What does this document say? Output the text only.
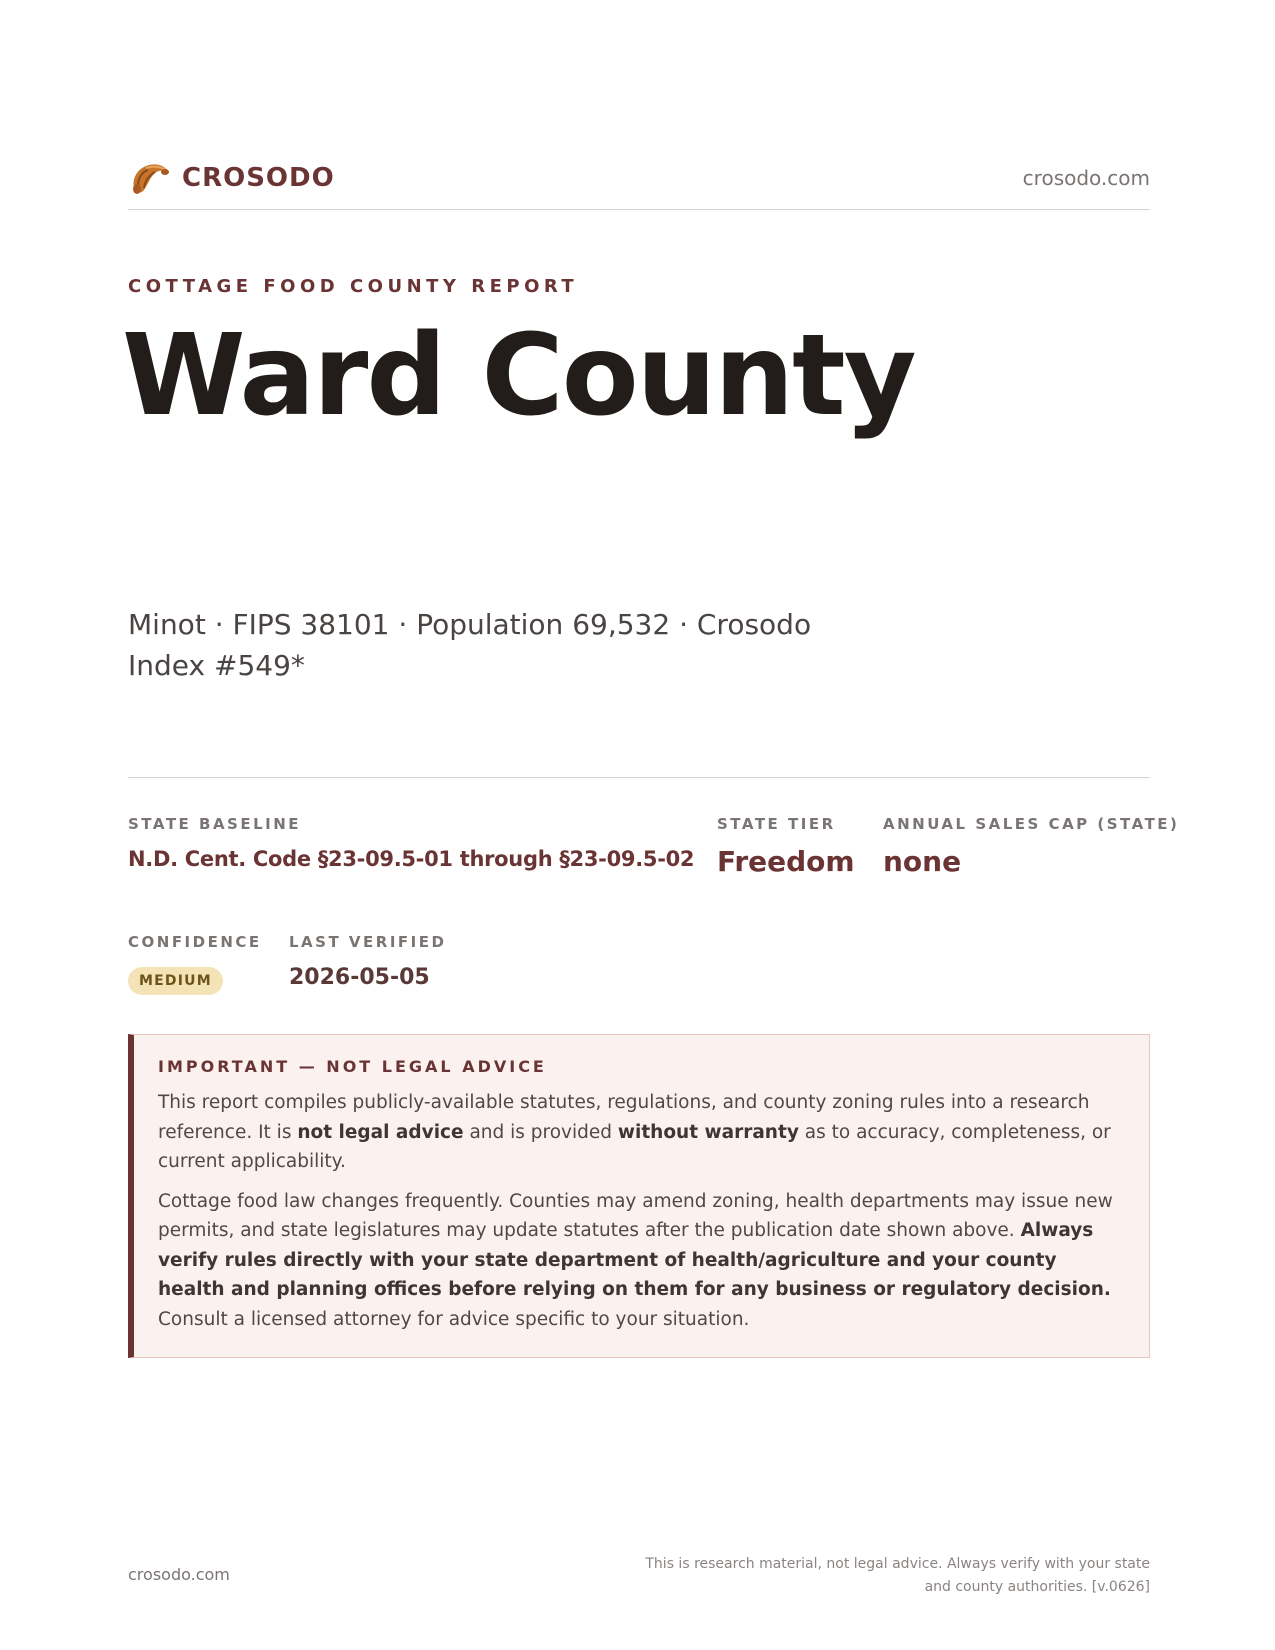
CROSODO	crosodo.com
COTTAGE FOOD COUNTY REPORT
Ward County
Minot · FIPS 38101 · Population 69,532 · Crosodo Index #549*
STATE BASELINE
N.D. Cent. Code §23-09.5-01 through §23-09.5-02
STATE TIER
Freedom
ANNUAL SALES CAP (STATE)
none
CONFIDENCE
MEDIUM
LAST VERIFIED
2026-05-05
IMPORTANT — NOT LEGAL ADVICE

This report compiles publicly-available statutes, regulations, and county zoning rules into a research reference. It is not legal advice and is provided without warranty as to accuracy, completeness, or current applicability.

Cottage food law changes frequently. Counties may amend zoning, health departments may issue new permits, and state legislatures may update statutes after the publication date shown above. Always verify rules directly with your state department of health/agriculture and your county health and planning offices before relying on them for any business or regulatory decision. Consult a licensed attorney for advice specific to your situation.

crosodo.com
This is research material, not legal advice. Always verify with your state and county authorities. [v.0626]
